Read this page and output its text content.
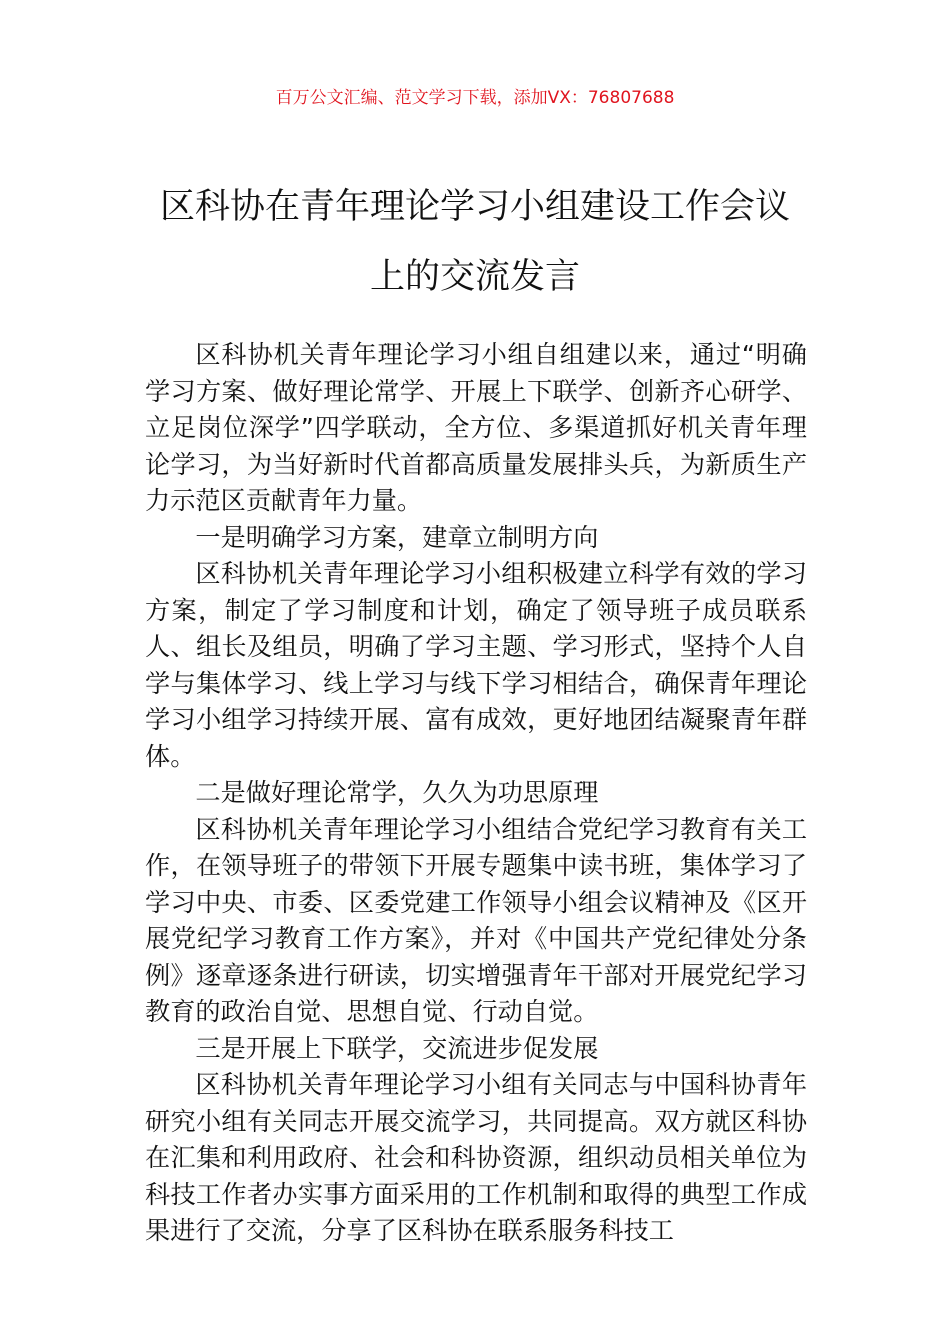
百万公文汇编、范文学习下载，添加VX：76807688
区科协在青年理论学习小组建设工作会议
上的交流发言

区科协机关青年理论学习小组自组建以来，通过“明确学习方案、做好理论常学、开展上下联学、创新齐心研学、立足岗位深学”四学联动，全方位、多渠道抓好机关青年理论学习，为当好新时代首都高质量发展排头兵，为新质生产力示范区贡献青年力量。

一是明确学习方案，建章立制明方向

区科协机关青年理论学习小组积极建立科学有效的学习方案，制定了学习制度和计划，确定了领导班子成员联系人、组长及组员，明确了学习主题、学习形式，坚持个人自学与集体学习、线上学习与线下学习相结合，确保青年理论学习小组学习持续开展、富有成效，更好地团结凝聚青年群体。

二是做好理论常学，久久为功思原理

区科协机关青年理论学习小组结合党纪学习教育有关工作，在领导班子的带领下开展专题集中读书班，集体学习了学习中央、市委、区委党建工作领导小组会议精神及《区开展党纪学习教育工作方案》，并对《中国共产党纪律处分条例》逐章逐条进行研读，切实增强青年干部对开展党纪学习教育的政治自觉、思想自觉、行动自觉。

三是开展上下联学，交流进步促发展

区科协机关青年理论学习小组有关同志与中国科协青年研究小组有关同志开展交流学习，共同提高。双方就区科协在汇集和利用政府、社会和科协资源，组织动员相关单位为科技工作者办实事方面采用的工作机制和取得的典型工作成果进行了交流，分享了区科协在联系服务科技工
